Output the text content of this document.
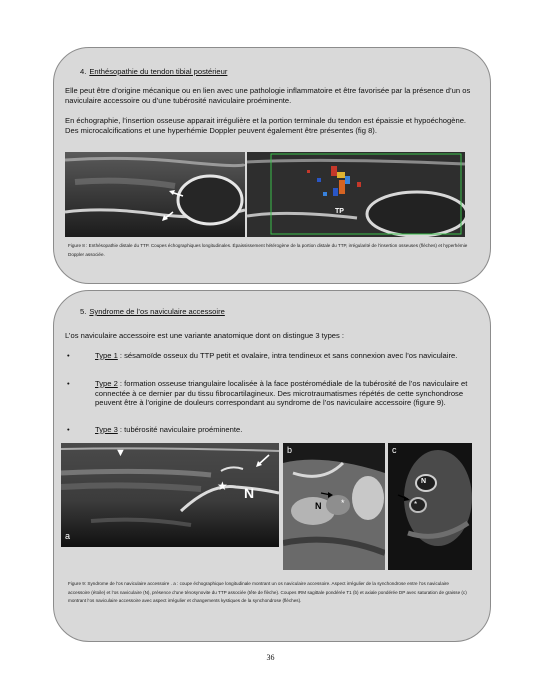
4. Enthésopathie du tendon tibial postérieur
Elle peut être d’origine mécanique ou en lien avec une pathologie inflammatoire et être favorisée par la présence d’un os naviculaire accessoire ou d’une tubérosité naviculaire proéminente.
En échographie, l’insertion osseuse apparait irrégulière et la portion terminale du tendon est épaissie et hypoéchogène. Des microcalcifications et une hyperhémie Doppler peuvent également être présentes (fig 8).
TP
Figure 8 : Enthésopathie distale du TTP. Coupes échographiques longitudinales. Épaississement hétérogène de la portion distale du TTP, irrégularité de l’insertion osseuses (flèches) et hyperhémie Doppler associée.
5. Syndrome de l’os naviculaire accessoire
L’os naviculaire accessoire est une variante anatomique dont on distingue 3 types :
•	Type 1 : sésamoïde osseux du TTP petit et ovalaire, intra tendineux et sans connexion avec l’os naviculaire.
•	Type 2 : formation osseuse triangulaire localisée à la face postéromédiale de la tubérosité de l’os naviculaire et connectée à ce dernier par du tissu fibrocartilagineux. Des microtraumatismes répétés de cette synchondrose peuvent être à l’origine de douleurs correspondant au syndrome de l’os naviculaire accessoire (figure 9).
•	Type 3 : tubérosité naviculaire proéminente.
▼
★ N
a
b
N *
c
N
*
Figure 9: Syndrome de l’os naviculaire accessoire . a : coupe échographique longitudinale montrant un os naviculaire accessoire. Aspect irrégulier de la synchondrose entre l’os naviculaire accessoire (étoile) et l’os naviculaire (N), présence d’une ténosynovite du TTP associée (tête de flèche). Coupes IRM sagittale pondérée T1 (b) et axiale pondérée DP avec saturation de graisse (c) montrant l’os naviculaire accessoire avec aspect irrégulier et changements kystiques de la synchondrose (flèches).
36
